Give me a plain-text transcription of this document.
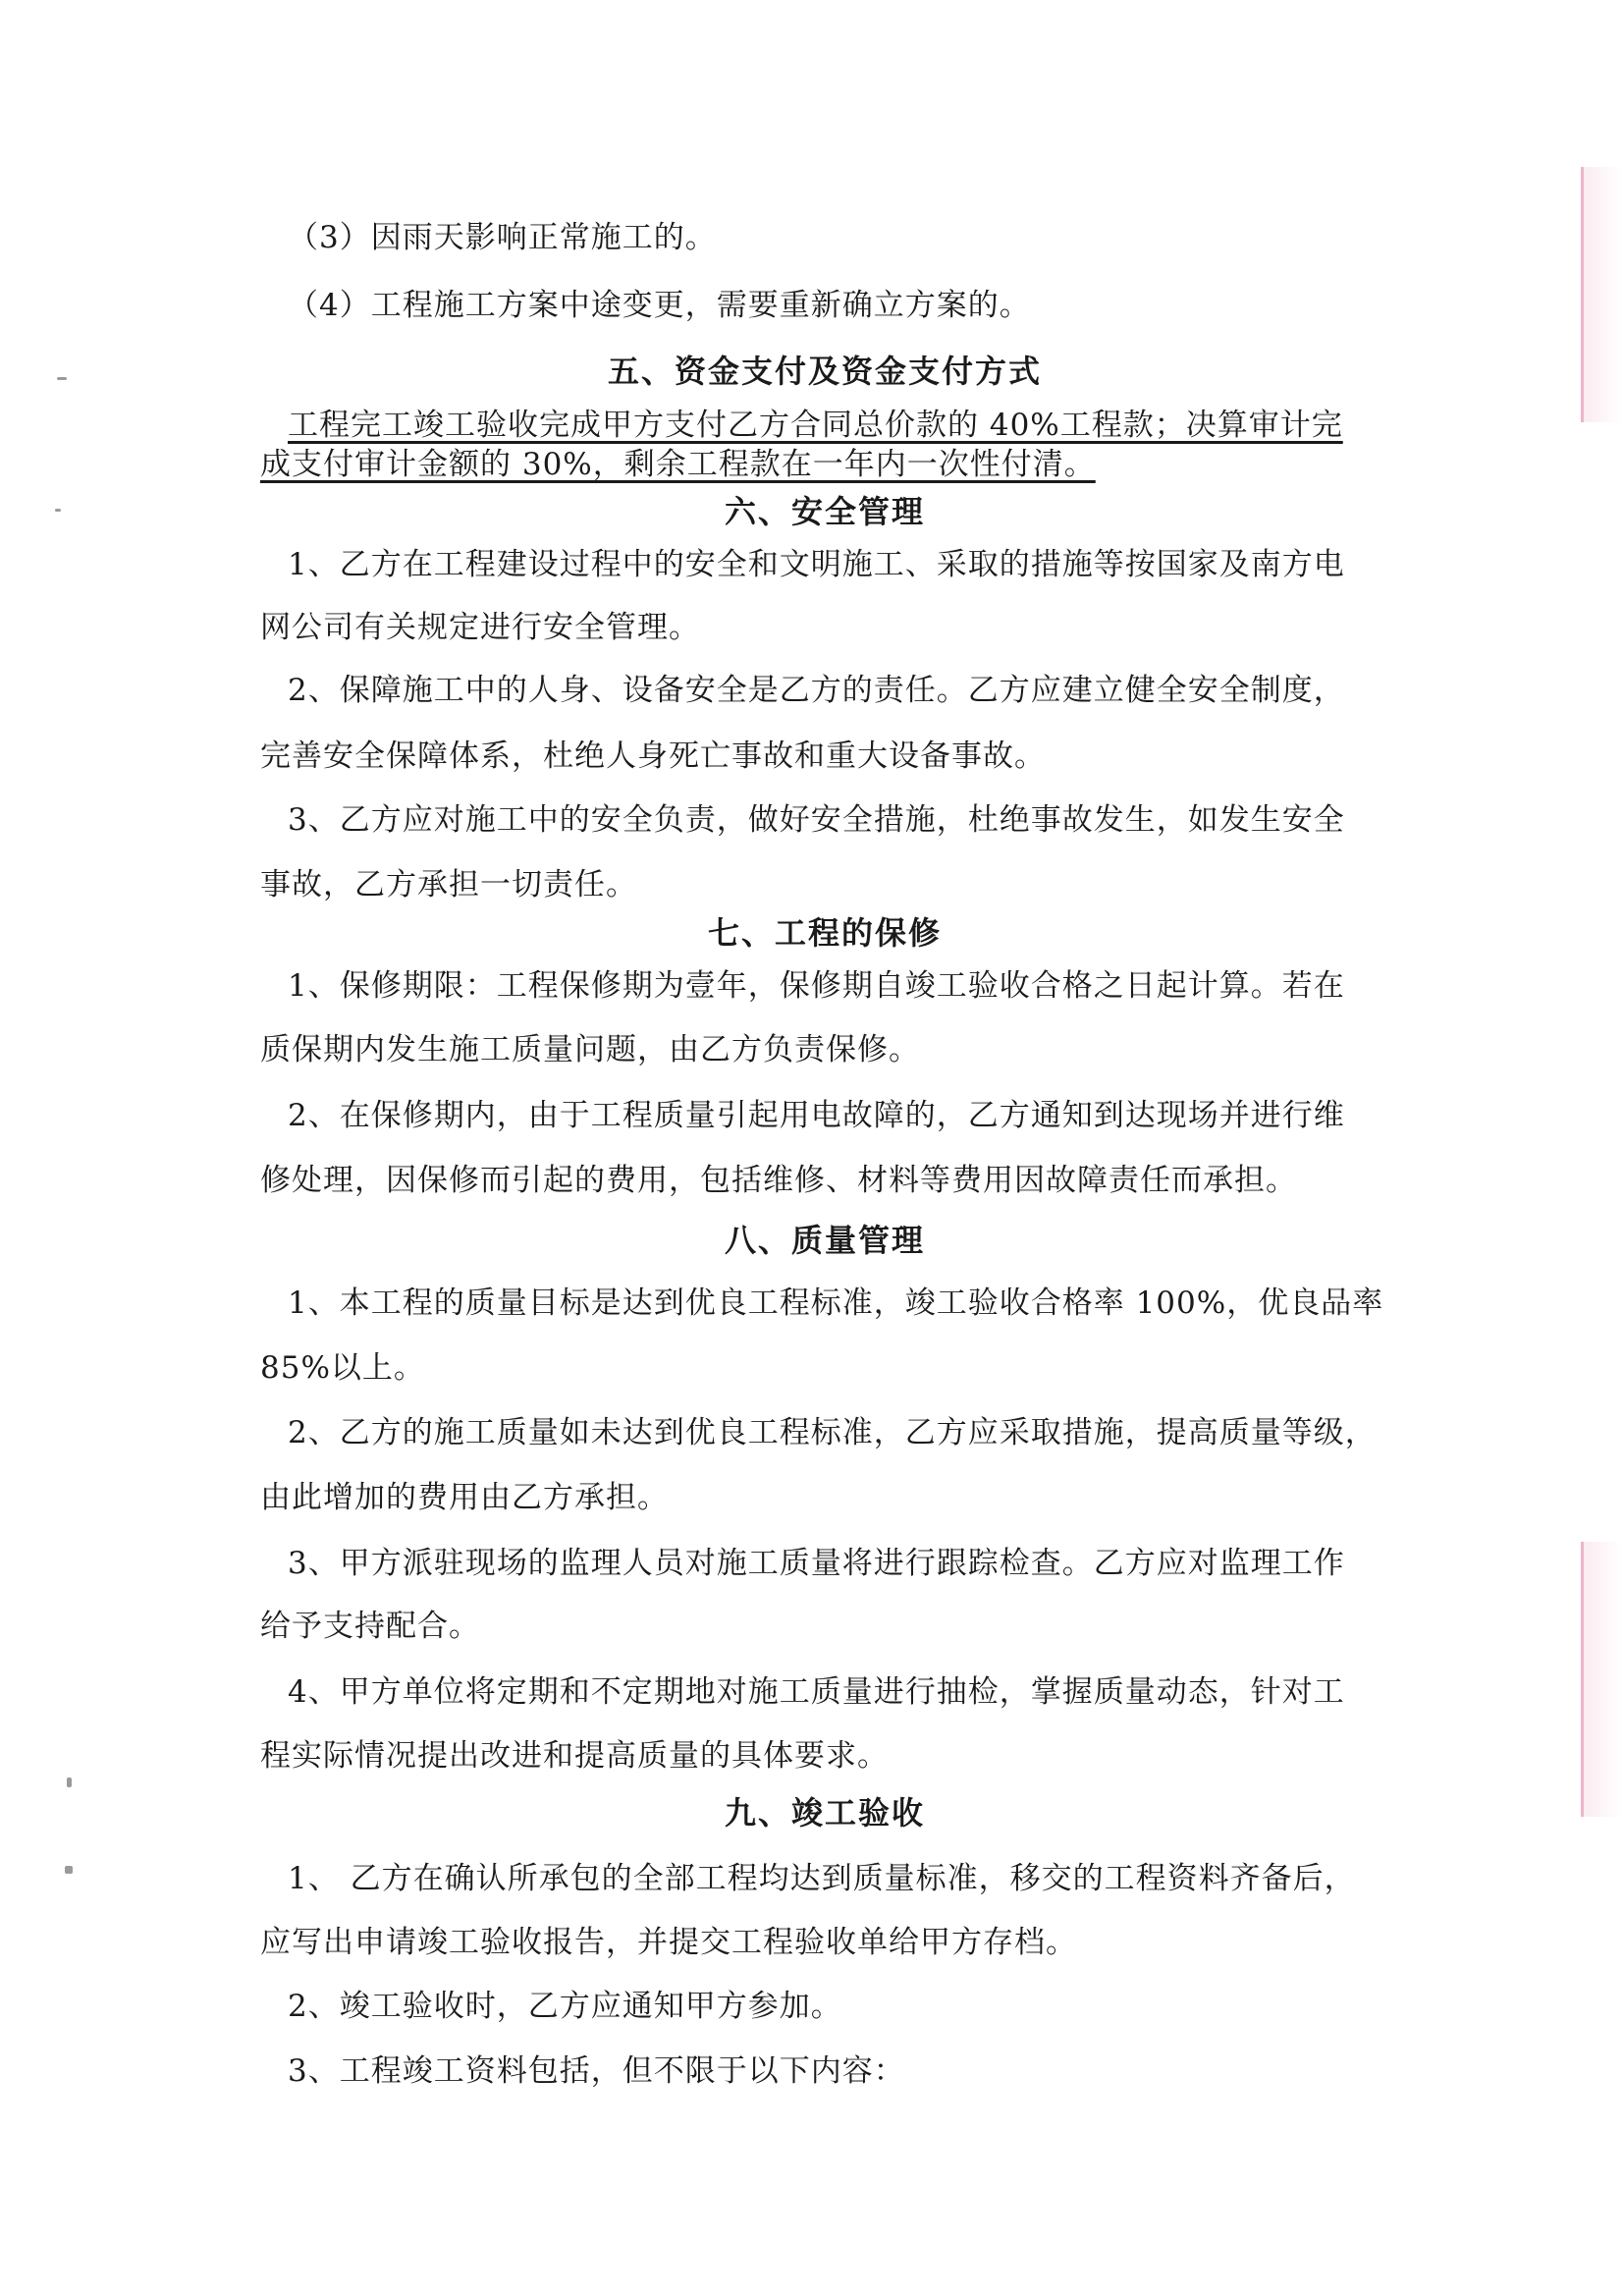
（3）因雨天影响正常施工的。
（4）工程施工方案中途变更，需要重新确立方案的。
五、资金支付及资金支付方式
工程完工竣工验收完成甲方支付乙方合同总价款的 40%工程款；决算审计完
成支付审计金额的 30%，剩余工程款在一年内一次性付清。
六、安全管理
1、乙方在工程建设过程中的安全和文明施工、采取的措施等按国家及南方电
网公司有关规定进行安全管理。
2、保障施工中的人身、设备安全是乙方的责任。乙方应建立健全安全制度，
完善安全保障体系，杜绝人身死亡事故和重大设备事故。
3、乙方应对施工中的安全负责，做好安全措施，杜绝事故发生，如发生安全
事故，乙方承担一切责任。
七、工程的保修
1、保修期限：工程保修期为壹年，保修期自竣工验收合格之日起计算。若在
质保期内发生施工质量问题，由乙方负责保修。
2、在保修期内，由于工程质量引起用电故障的，乙方通知到达现场并进行维
修处理，因保修而引起的费用，包括维修、材料等费用因故障责任而承担。
八、质量管理
1、本工程的质量目标是达到优良工程标准，竣工验收合格率 100%，优良品率
85%以上。
2、乙方的施工质量如未达到优良工程标准，乙方应采取措施，提高质量等级，
由此增加的费用由乙方承担。
3、甲方派驻现场的监理人员对施工质量将进行跟踪检查。乙方应对监理工作
给予支持配合。
4、甲方单位将定期和不定期地对施工质量进行抽检，掌握质量动态，针对工
程实际情况提出改进和提高质量的具体要求。
九、竣工验收
1、 乙方在确认所承包的全部工程均达到质量标准，移交的工程资料齐备后，
应写出申请竣工验收报告，并提交工程验收单给甲方存档。
2、竣工验收时，乙方应通知甲方参加。
3、工程竣工资料包括，但不限于以下内容：
